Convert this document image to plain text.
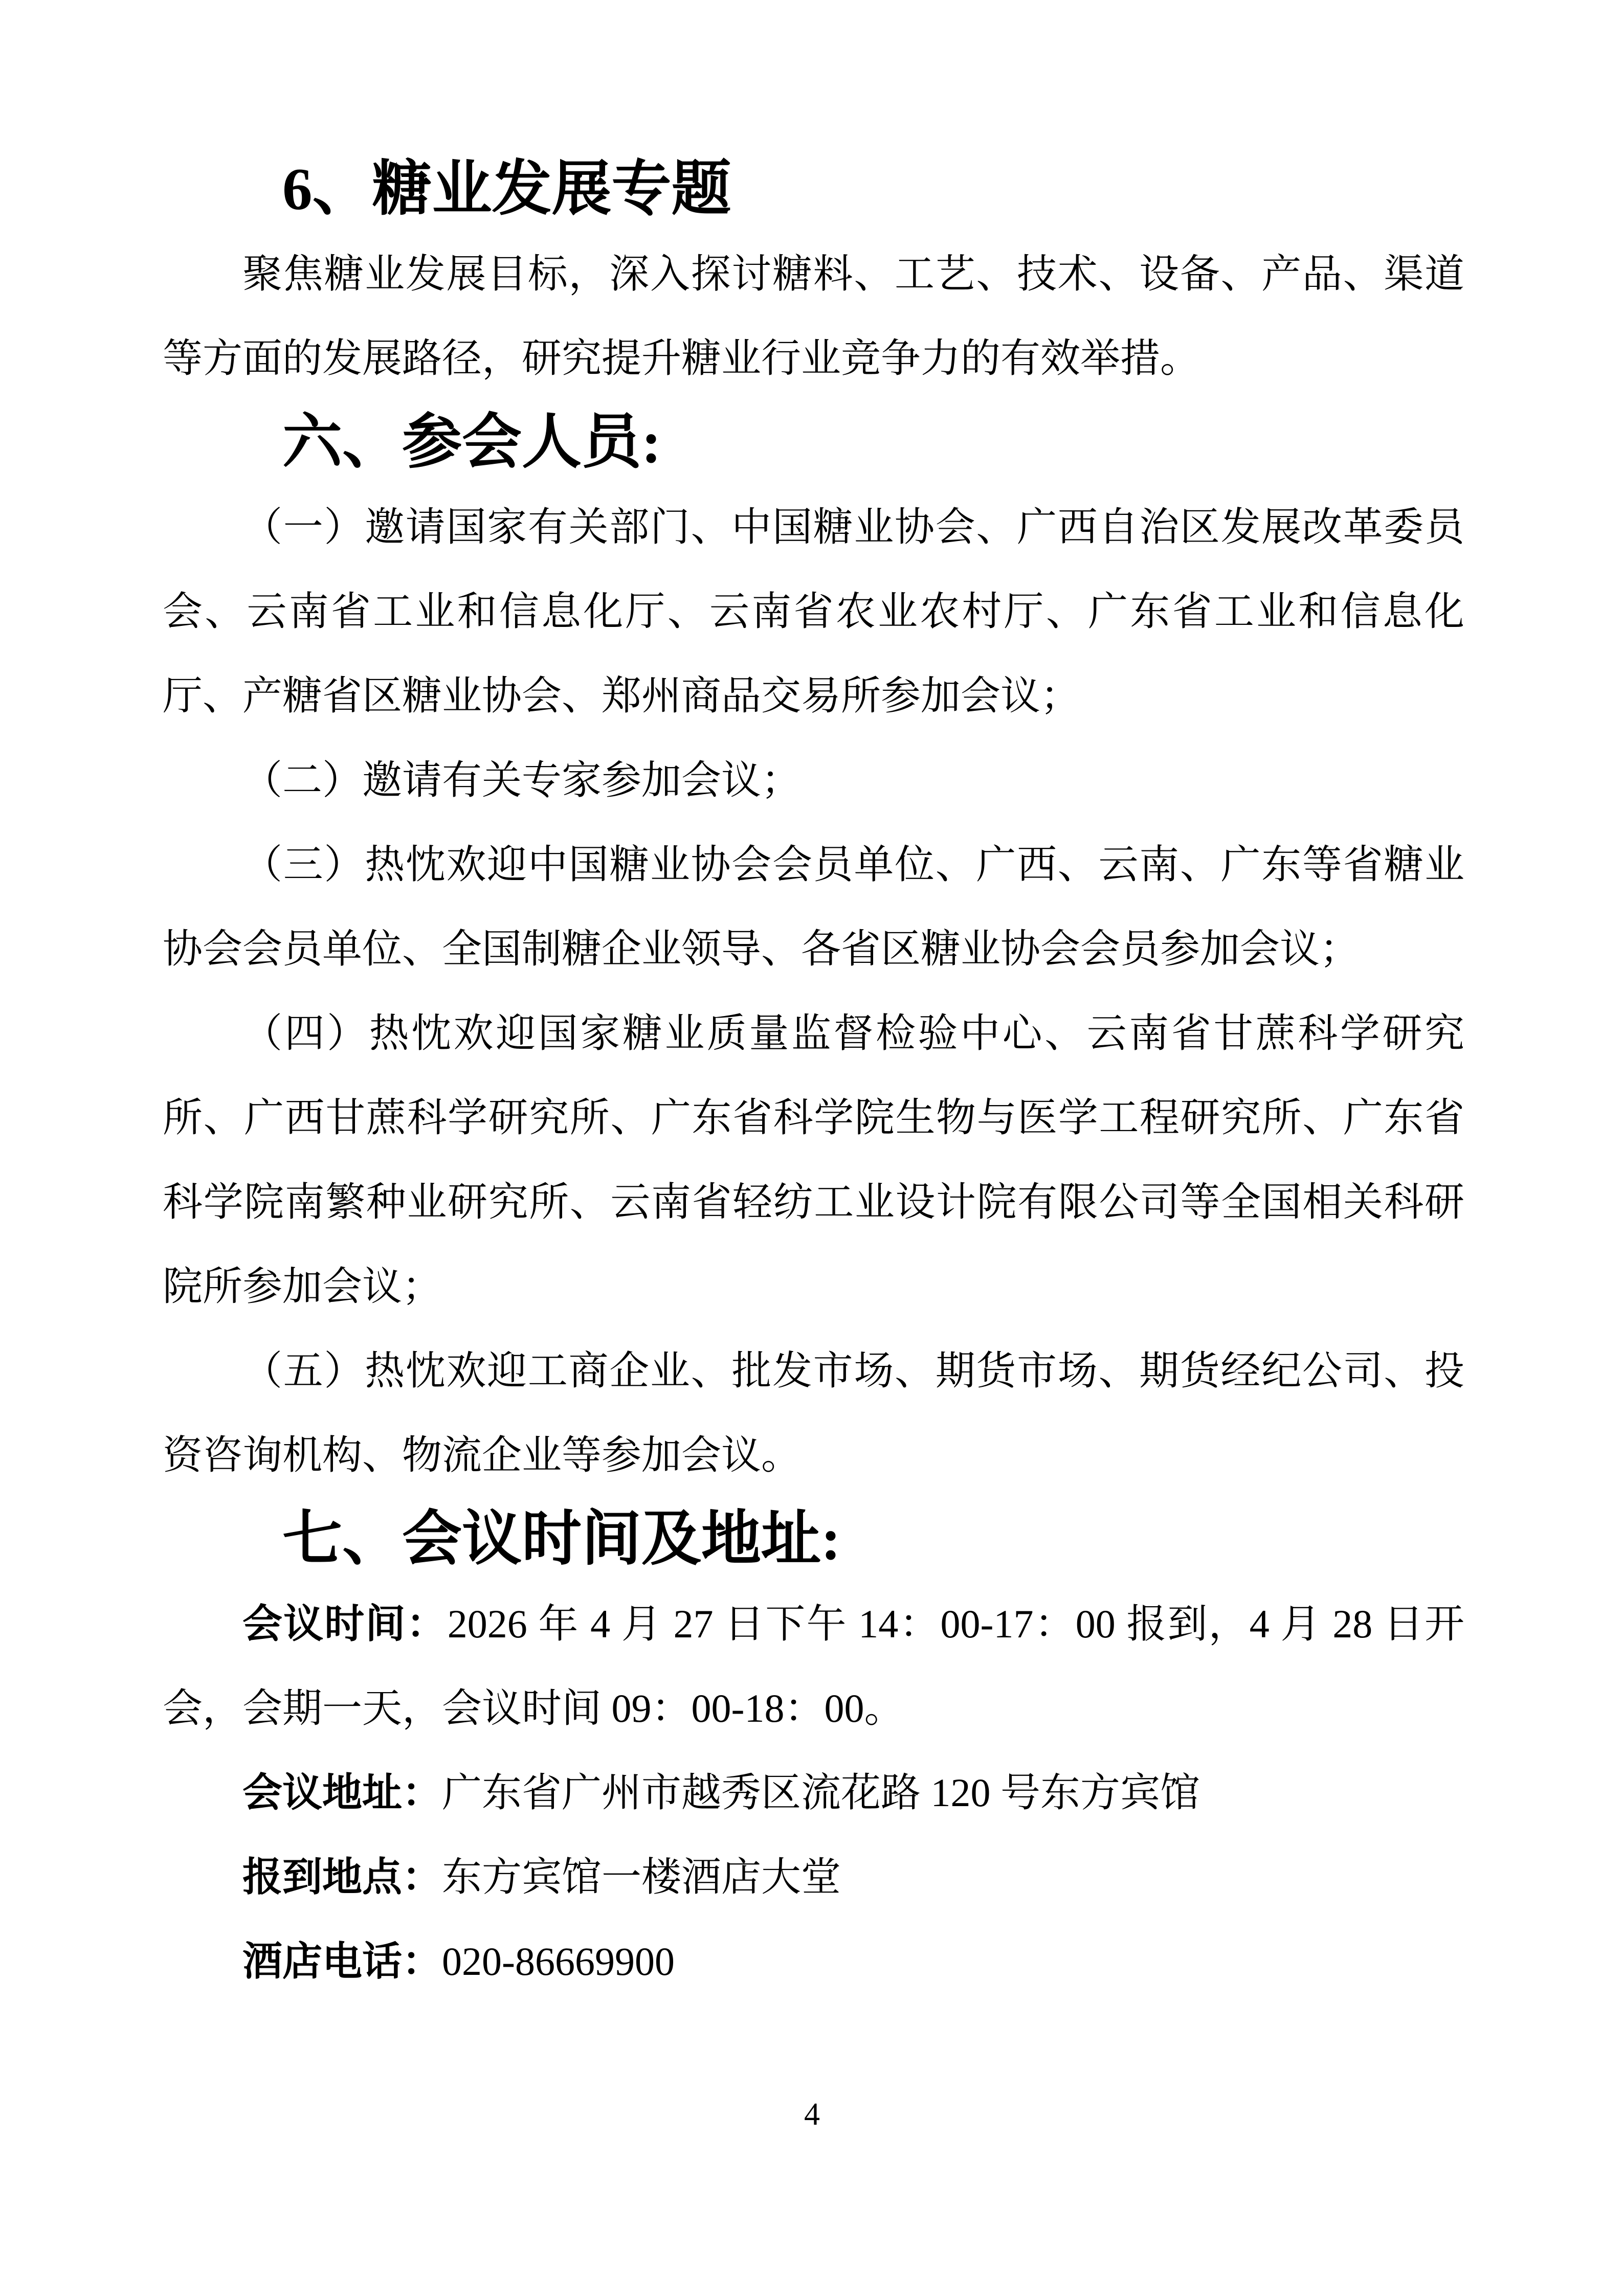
6、糖业发展专题

聚焦糖业发展目标，深入探讨糖料、工艺、技术、设备、产品、渠道等方面的发展路径，研究提升糖业行业竞争力的有效举措。

六、参会人员:

（一）邀请国家有关部门、中国糖业协会、广西自治区发展改革委员会、云南省工业和信息化厅、云南省农业农村厅、广东省工业和信息化厅、产糖省区糖业协会、郑州商品交易所参加会议；

（二）邀请有关专家参加会议；

（三）热忱欢迎中国糖业协会会员单位、广西、云南、广东等省糖业协会会员单位、全国制糖企业领导、各省区糖业协会会员参加会议；

（四）热忱欢迎国家糖业质量监督检验中心、云南省甘蔗科学研究所、广西甘蔗科学研究所、广东省科学院生物与医学工程研究所、广东省科学院南繁种业研究所、云南省轻纺工业设计院有限公司等全国相关科研院所参加会议；

（五）热忱欢迎工商企业、批发市场、期货市场、期货经纪公司、投资咨询机构、物流企业等参加会议。

七、会议时间及地址:

会议时间：2026 年 4 月 27 日下午 14：00-17：00 报到，4 月 28 日开会，会期一天，会议时间 09：00-18：00。

会议地址：广东省广州市越秀区流花路 120 号东方宾馆

报到地点：东方宾馆一楼酒店大堂

酒店电话：020-86669900

4
